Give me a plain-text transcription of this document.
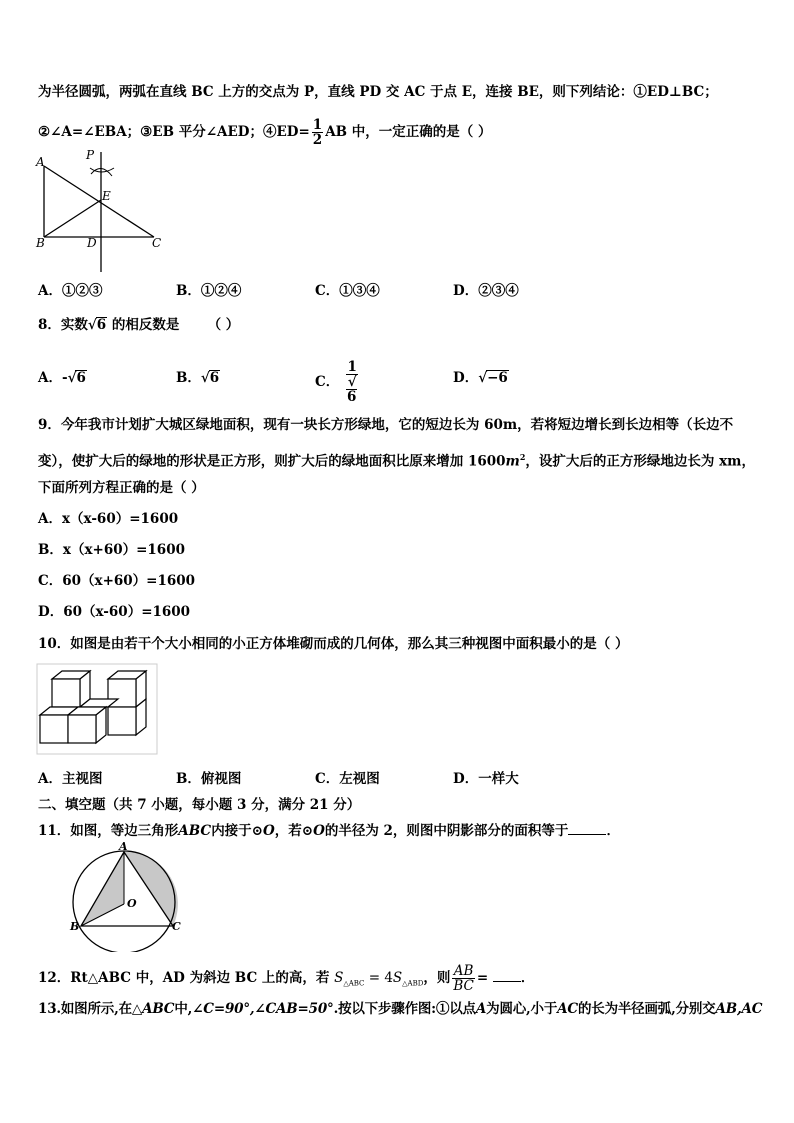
为半径圆弧，两弧在直线 BC 上方的交点为 P，直线 PD 交 AC 于点 E，连接 BE，则下列结论：①ED⊥BC；
②∠A=∠EBA；③EB 平分∠AED；④ED= $\frac{1}{2}$ AB 中，一定正确的是（ ）
A	P
E
B	D	C
A．①②③	B．①②④	C．①③④	D．②③④
8．实数√6 的相反数是 （ ）
A．-√6	B．√6	C． 1
√
6	D．√−6
9．今年我市计划扩大城区绿地面积，现有一块长方形绿地，它的短边长为 60m，若将短边增长到长边相等（长边不
变），使扩大后的绿地的形状是正方形，则扩大后的绿地面积比原来增加 $1600m^2$，设扩大后的正方形绿地边长为 xm，
下面所列方程正确的是（ ）
A．x（x-60）=1600
B．x（x+60）=1600
C．60（x+60）=1600
D．60（x-60）=1600
10．如图是由若干个大小相同的小正方体堆砌而成的几何体，那么其三种视图中面积最小的是（ ）
A．主视图	B．俯视图	C．左视图	D．一样大
二、填空题（共 7 小题，每小题 3 分，满分 21 分）
11．如图，等边三角形ABC内接于⊙O，若⊙O的半径为 2，则图中阴影部分的面积等于	．
A
B	C
O
12．Rt△ABC 中，AD 为斜边 BC 上的高，若 $S_{\triangle ABC} = 4S_{\triangle ABD}$，则 $\frac{AB}{BC}$ = ．
13.如图所示,在△ABC中,∠C=90°,∠CAB=50°.按以下步骤作图:①以点A为圆心,小于AC的长为半径画弧,分别交AB,AC
